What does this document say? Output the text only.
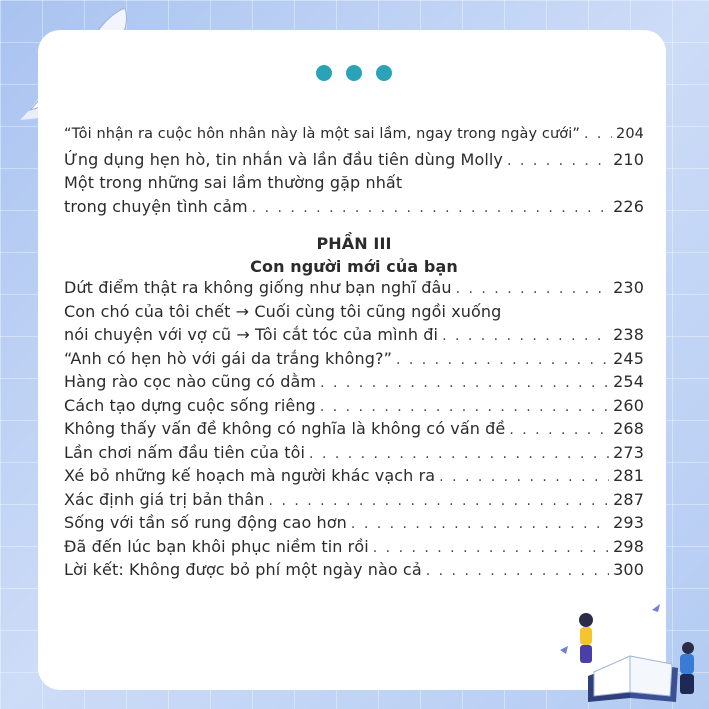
“Tôi nhận ra cuộc hôn nhân này là một sai lầm, ngay trong ngày cưới” . . . 204
Ứng dụng hẹn hò, tin nhắn và lần đầu tiên dùng Molly . . .	210
Một trong những sai lầm thường gặp nhất
trong chuyện tình cảm . . .	226
PHẦN III
Con người mới của bạn
Dứt điểm thật ra không giống như bạn nghĩ đâu . . .	230
Con chó của tôi chết → Cuối cùng tôi cũng ngồi xuống
nói chuyện với vợ cũ → Tôi cắt tóc của mình đi . . .	238
“Anh có hẹn hò với gái da trắng không?” . . .	245
Hàng rào cọc nào cũng có dằm . . .	254
Cách tạo dựng cuộc sống riêng . . .	260
Không thấy vấn đề không có nghĩa là không có vấn đề . . .	268
Lần chơi nấm đầu tiên của tôi . . .	273
Xé bỏ những kế hoạch mà người khác vạch ra . . .	281
Xác định giá trị bản thân . . .	287
Sống với tần số rung động cao hơn . . .	293
Đã đến lúc bạn khôi phục niềm tin rồi . . .	298
Lời kết: Không được bỏ phí một ngày nào cả . . .	300
